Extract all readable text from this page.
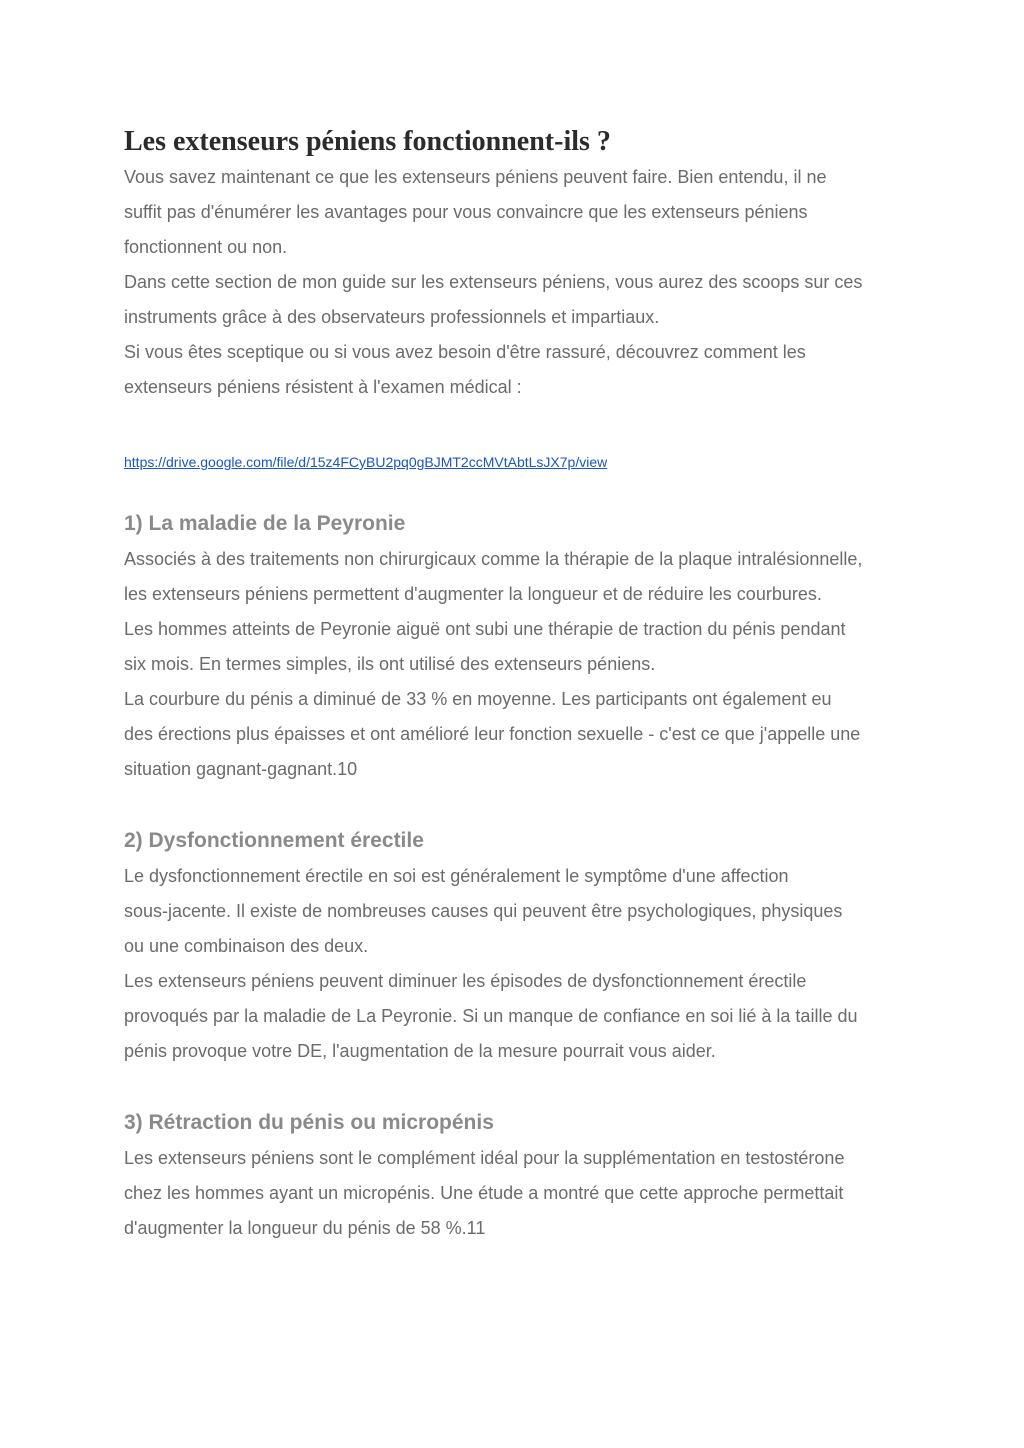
Les extenseurs péniens fonctionnent-ils ?

Vous savez maintenant ce que les extenseurs péniens peuvent faire. Bien entendu, il ne
suffit pas d'énumérer les avantages pour vous convaincre que les extenseurs péniens
fonctionnent ou non.
Dans cette section de mon guide sur les extenseurs péniens, vous aurez des scoops sur ces
instruments grâce à des observateurs professionnels et impartiaux.
Si vous êtes sceptique ou si vous avez besoin d'être rassuré, découvrez comment les
extenseurs péniens résistent à l'examen médical :

https://drive.google.com/file/d/15z4FCyBU2pq0gBJMT2ccMVtAbtLsJX7p/view
1) La maladie de la Peyronie

Associés à des traitements non chirurgicaux comme la thérapie de la plaque intralésionnelle,
les extenseurs péniens permettent d'augmenter la longueur et de réduire les courbures.
Les hommes atteints de Peyronie aiguë ont subi une thérapie de traction du pénis pendant
six mois. En termes simples, ils ont utilisé des extenseurs péniens.
La courbure du pénis a diminué de 33 % en moyenne. Les participants ont également eu
des érections plus épaisses et ont amélioré leur fonction sexuelle - c'est ce que j'appelle une
situation gagnant-gagnant.10

2) Dysfonctionnement érectile

Le dysfonctionnement érectile en soi est généralement le symptôme d'une affection
sous-jacente. Il existe de nombreuses causes qui peuvent être psychologiques, physiques
ou une combinaison des deux.
Les extenseurs péniens peuvent diminuer les épisodes de dysfonctionnement érectile
provoqués par la maladie de La Peyronie. Si un manque de confiance en soi lié à la taille du
pénis provoque votre DE, l'augmentation de la mesure pourrait vous aider.

3) Rétraction du pénis ou micropénis

Les extenseurs péniens sont le complément idéal pour la supplémentation en testostérone
chez les hommes ayant un micropénis. Une étude a montré que cette approche permettait
d'augmenter la longueur du pénis de 58 %.11
